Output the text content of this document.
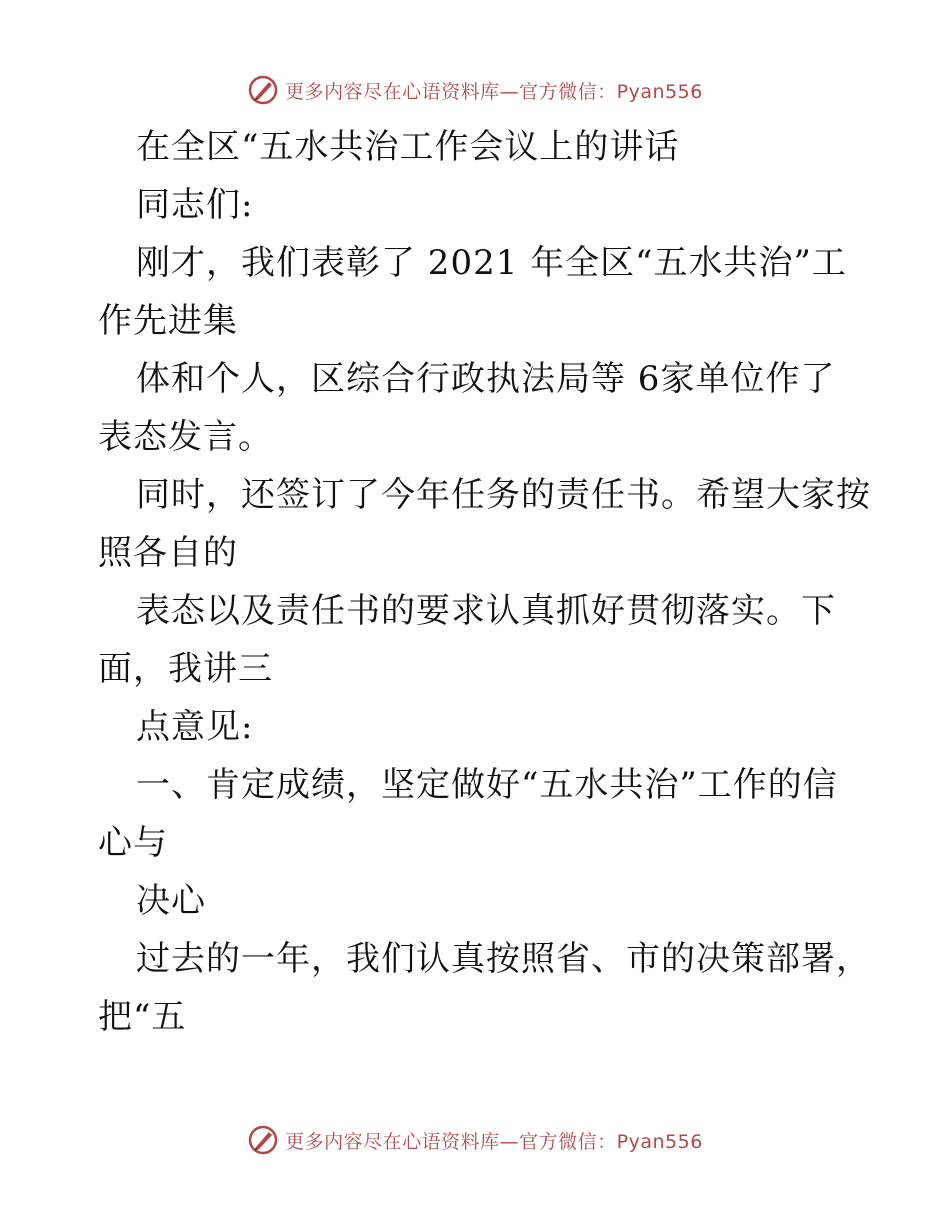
更多内容尽在心语资料库—官方微信：Pyan556
在全区“五水共治工作会议上的讲话
同志们:
刚才，我们表彰了 2021 年全区“五水共治”工
作先进集
体和个人，区综合行政执法局等 6家单位作了
表态发言。
同时，还签订了今年任务的责任书。希望大家按
照各自的
表态以及责任书的要求认真抓好贯彻落实。下
面，我讲三
点意见:
一、肯定成绩，坚定做好“五水共治”工作的信
心与
决心
过去的一年，我们认真按照省、市的决策部署，
把“五
更多内容尽在心语资料库—官方微信：Pyan556
